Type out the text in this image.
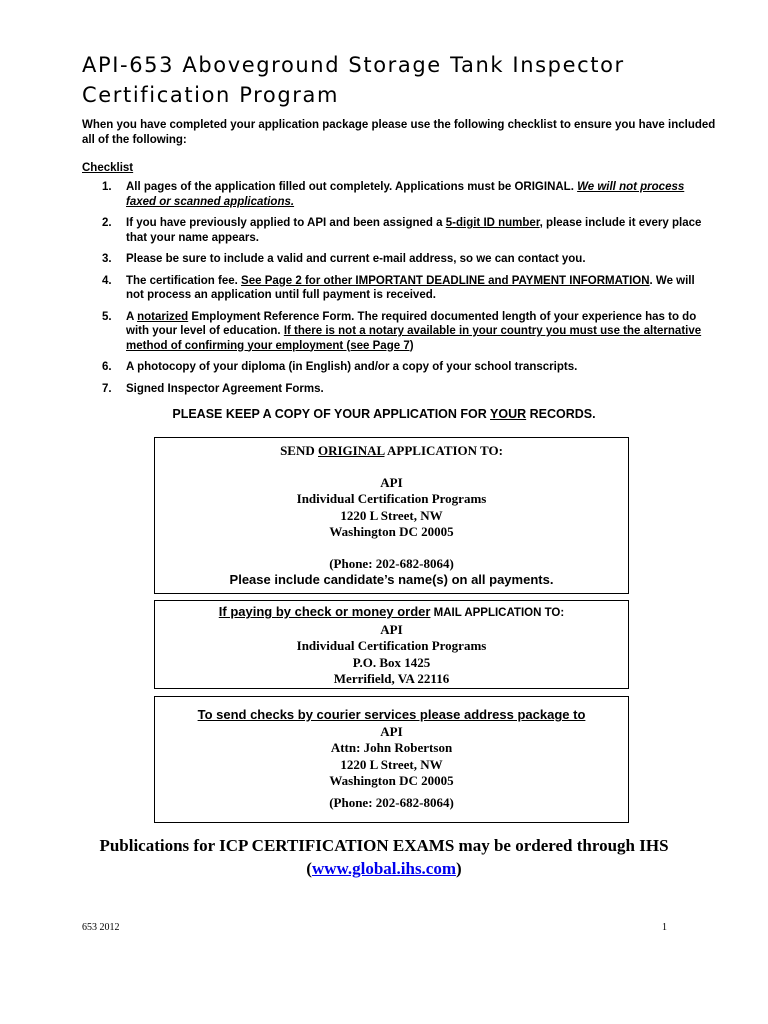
API-653 Aboveground Storage Tank Inspector
Certification Program
When you have completed your application package please use the following checklist to ensure you have included all of the following:
Checklist
1. All pages of the application filled out completely. Applications must be ORIGINAL. We will not process faxed or scanned applications.
2. If you have previously applied to API and been assigned a 5-digit ID number, please include it every place that your name appears.
3. Please be sure to include a valid and current e-mail address, so we can contact you.
4. The certification fee. See Page 2 for other IMPORTANT DEADLINE and PAYMENT INFORMATION. We will not process an application until full payment is received.
5. A notarized Employment Reference Form. The required documented length of your experience has to do with your level of education. If there is not a notary available in your country you must use the alternative method of confirming your employment (see Page 7)
6. A photocopy of your diploma (in English) and/or a copy of your school transcripts.
7. Signed Inspector Agreement Forms.
PLEASE KEEP A COPY OF YOUR APPLICATION FOR YOUR RECORDS.
SEND ORIGINAL APPLICATION TO:
API
Individual Certification Programs
1220 L Street, NW
Washington DC 20005
(Phone: 202-682-8064)
Please include candidate’s name(s) on all payments.
If paying by check or money order MAIL APPLICATION TO:
API
Individual Certification Programs
P.O. Box 1425
Merrifield, VA 22116
To send checks by courier services please address package to
API
Attn: John Robertson
1220 L Street, NW
Washington DC 20005
(Phone: 202-682-8064)
Publications for ICP CERTIFICATION EXAMS may be ordered through IHS
(www.global.ihs.com)
653 2012	1
